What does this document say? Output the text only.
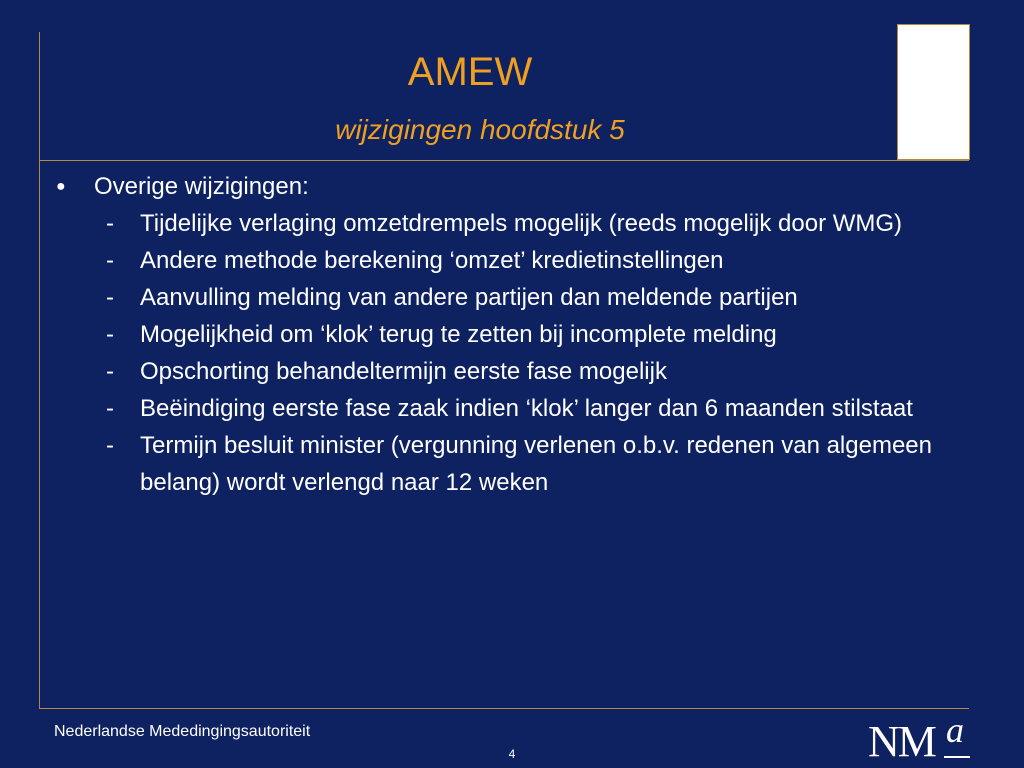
AMEW
wijzigingen hoofdstuk 5
●	Overige wijzigingen:
-	Tijdelijke verlaging omzetdrempels mogelijk (reeds mogelijk door WMG)
-	Andere methode berekening ‘omzet’ kredietinstellingen
-	Aanvulling melding van andere partijen dan meldende partijen
-	Mogelijkheid om ‘klok’ terug te zetten bij incomplete melding
-	Opschorting behandeltermijn eerste fase mogelijk
-	Beëindiging eerste fase zaak indien ‘klok’ langer dan 6 maanden stilstaat
-	Termijn besluit minister (vergunning verlenen o.b.v. redenen van algemeen belang) wordt verlengd naar 12 weken
Nederlandse Mededingingsautoriteit
4	NM a
